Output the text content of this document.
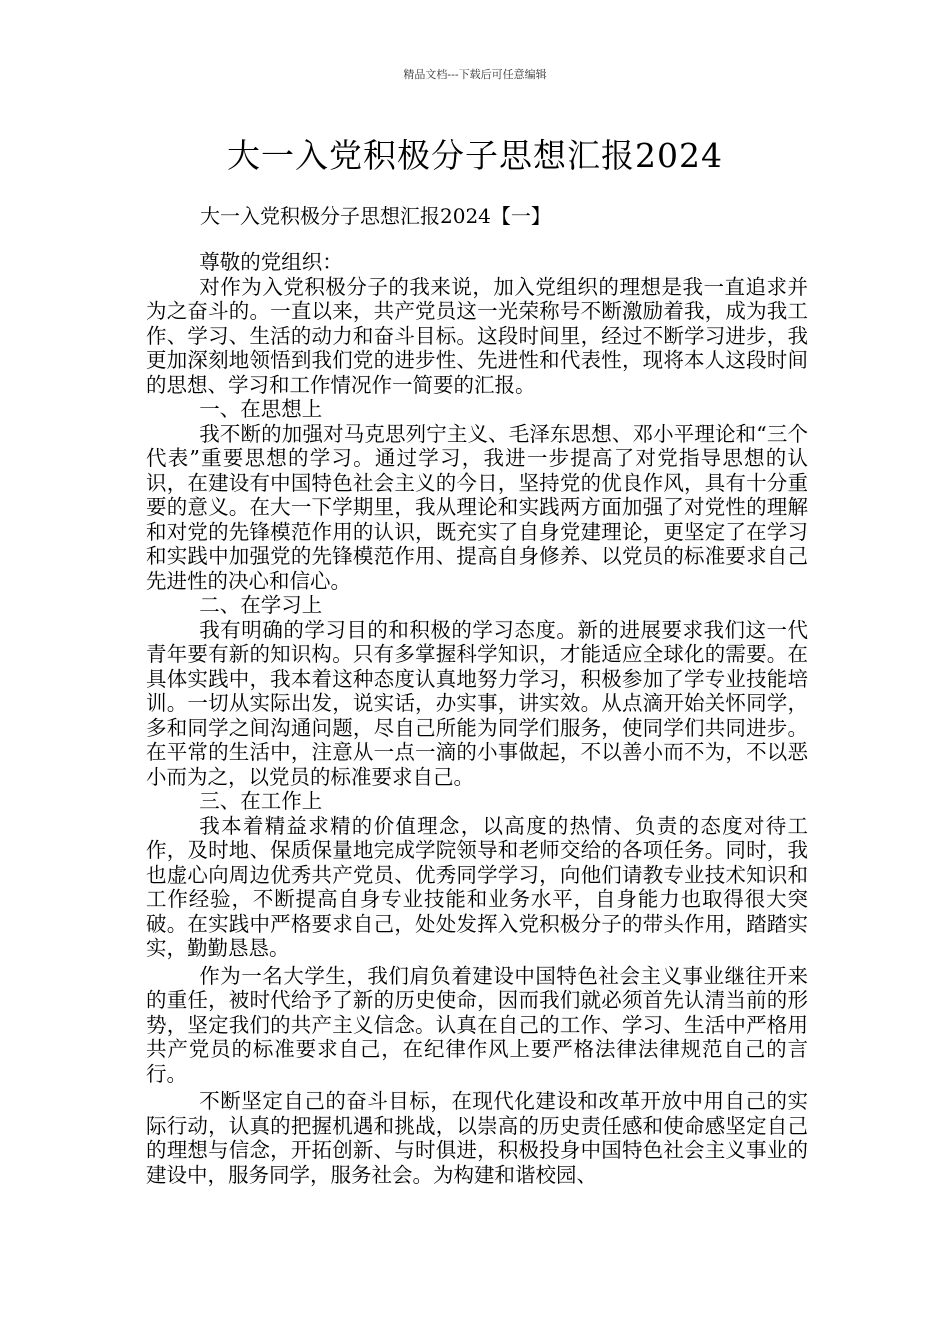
精品文档---下载后可任意编辑
大一入党积极分子思想汇报2024
大一入党积极分子思想汇报2024【一】

尊敬的党组织：

对作为入党积极分子的我来说，加入党组织的理想是我一直追求并为之奋斗的。一直以来，共产党员这一光荣称号不断激励着我，成为我工作、学习、生活的动力和奋斗目标。这段时间里，经过不断学习进步，我更加深刻地领悟到我们党的进步性、先进性和代表性，现将本人这段时间的思想、学习和工作情况作一简要的汇报。

一、在思想上

我不断的加强对马克思列宁主义、毛泽东思想、邓小平理论和“三个代表”重要思想的学习。通过学习，我进一步提高了对党指导思想的认识，在建设有中国特色社会主义的今日，坚持党的优良作风，具有十分重要的意义。在大一下学期里，我从理论和实践两方面加强了对党性的理解和对党的先锋模范作用的认识，既充实了自身党建理论，更坚定了在学习和实践中加强党的先锋模范作用、提高自身修养、以党员的标准要求自己先进性的决心和信心。

二、在学习上

我有明确的学习目的和积极的学习态度。新的进展要求我们这一代青年要有新的知识构。只有多掌握科学知识，才能适应全球化的需要。在具体实践中，我本着这种态度认真地努力学习，积极参加了学专业技能培训。一切从实际出发，说实话，办实事，讲实效。从点滴开始关怀同学，多和同学之间沟通问题，尽自己所能为同学们服务，使同学们共同进步。在平常的生活中，注意从一点一滴的小事做起，不以善小而不为，不以恶小而为之，以党员的标准要求自己。

三、在工作上

我本着精益求精的价值理念，以高度的热情、负责的态度对待工作，及时地、保质保量地完成学院领导和老师交给的各项任务。同时，我也虚心向周边优秀共产党员、优秀同学学习，向他们请教专业技术知识和工作经验，不断提高自身专业技能和业务水平，自身能力也取得很大突破。在实践中严格要求自己，处处发挥入党积极分子的带头作用，踏踏实实，勤勤恳恳。

作为一名大学生，我们肩负着建设中国特色社会主义事业继往开来的重任，被时代给予了新的历史使命，因而我们就必须首先认清当前的形势，坚定我们的共产主义信念。认真在自己的工作、学习、生活中严格用共产党员的标准要求自己，在纪律作风上要严格法律法律规范自己的言行。

不断坚定自己的奋斗目标，在现代化建设和改革开放中用自己的实际行动，认真的把握机遇和挑战，以崇高的历史责任感和使命感坚定自己的理想与信念，开拓创新、与时俱进，积极投身中国特色社会主义事业的建设中，服务同学，服务社会。为构建和谐校园、
